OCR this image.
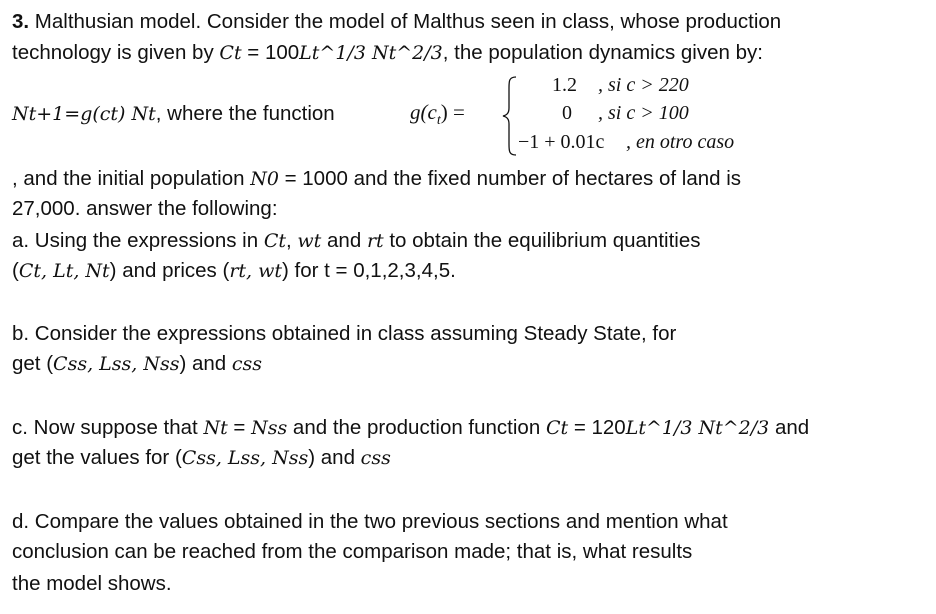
3. Malthusian model. Consider the model of Malthus seen in class, whose production
technology is given by Ct = 100Lt^1/3 Nt^2/3, the population dynamics given by:
Nt+1=g(ct) Nt, where the function	$g(c_t)$ =
1.2 , si c > 220
0 , si c > 100
−1 + 0.01c , en otro caso
, and the initial population N0 = 1000 and the fixed number of hectares of land is
27,000. answer the following:
a. Using the expressions in Ct, wt and rt to obtain the equilibrium quantities
(Ct, Lt, Nt) and prices (rt, wt) for t = 0,1,2,3,4,5.
b. Consider the expressions obtained in class assuming Steady State, for
get (Css, Lss, Nss) and css
c. Now suppose that Nt = Nss and the production function Ct = 120Lt^1/3 Nt^2/3 and
get the values for (Css, Lss, Nss) and css
d. Compare the values obtained in the two previous sections and mention what
conclusion can be reached from the comparison made; that is, what results
the model shows.
